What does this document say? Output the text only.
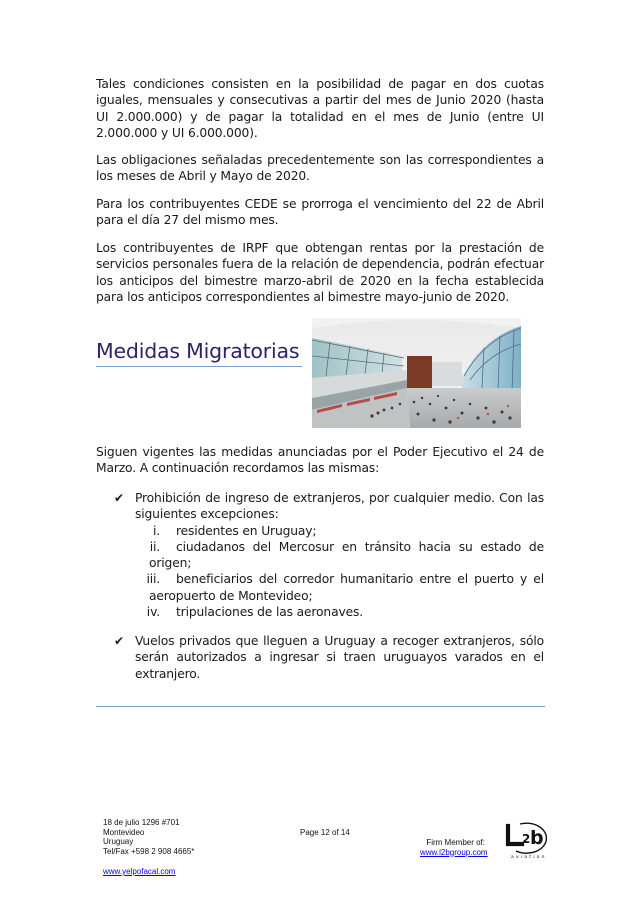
Tales condiciones consisten en la posibilidad de pagar en dos cuotas iguales, mensuales y consecutivas a partir del mes de Junio 2020 (hasta UI 2.000.000) y de pagar la totalidad en el mes de Junio (entre UI 2.000.000 y UI 6.000.000).

Las obligaciones señaladas precedentemente son las correspondientes a los meses de Abril y Mayo de 2020.

Para los contribuyentes CEDE se prorroga el vencimiento del 22 de Abril para el día 27 del mismo mes.

Los contribuyentes de IRPF que obtengan rentas por la prestación de servicios personales fuera de la relación de dependencia, podrán efectuar los anticipos del bimestre marzo-abril de 2020 en la fecha establecida para los anticipos correspondientes al bimestre mayo-junio de 2020.

Medidas Migratorias

Siguen vigentes las medidas anunciadas por el Poder Ejecutivo el 24 de Marzo. A continuación recordamos las mismas:

✔ Prohibición de ingreso de extranjeros, por cualquier medio. Con las siguientes excepciones:
i. residentes en Uruguay;
ii. ciudadanos del Mercosur en tránsito hacia su estado de origen;
iii. beneficiarios del corredor humanitario entre el puerto y el aeropuerto de Montevideo;
iv. tripulaciones de las aeronaves.
✔ Vuelos privados que lleguen a Uruguay a recoger extranjeros, sólo serán autorizados a ingresar si traen uruguayos varados en el extranjero.
18 de julio 1296 #701
Montevideo
Uruguay
Tel/Fax +598 2 908 4665*
Page 12 of 14
Firm Member of:
www.l2bgroup.com
www.yelpofacal.com
2 b
aviation
